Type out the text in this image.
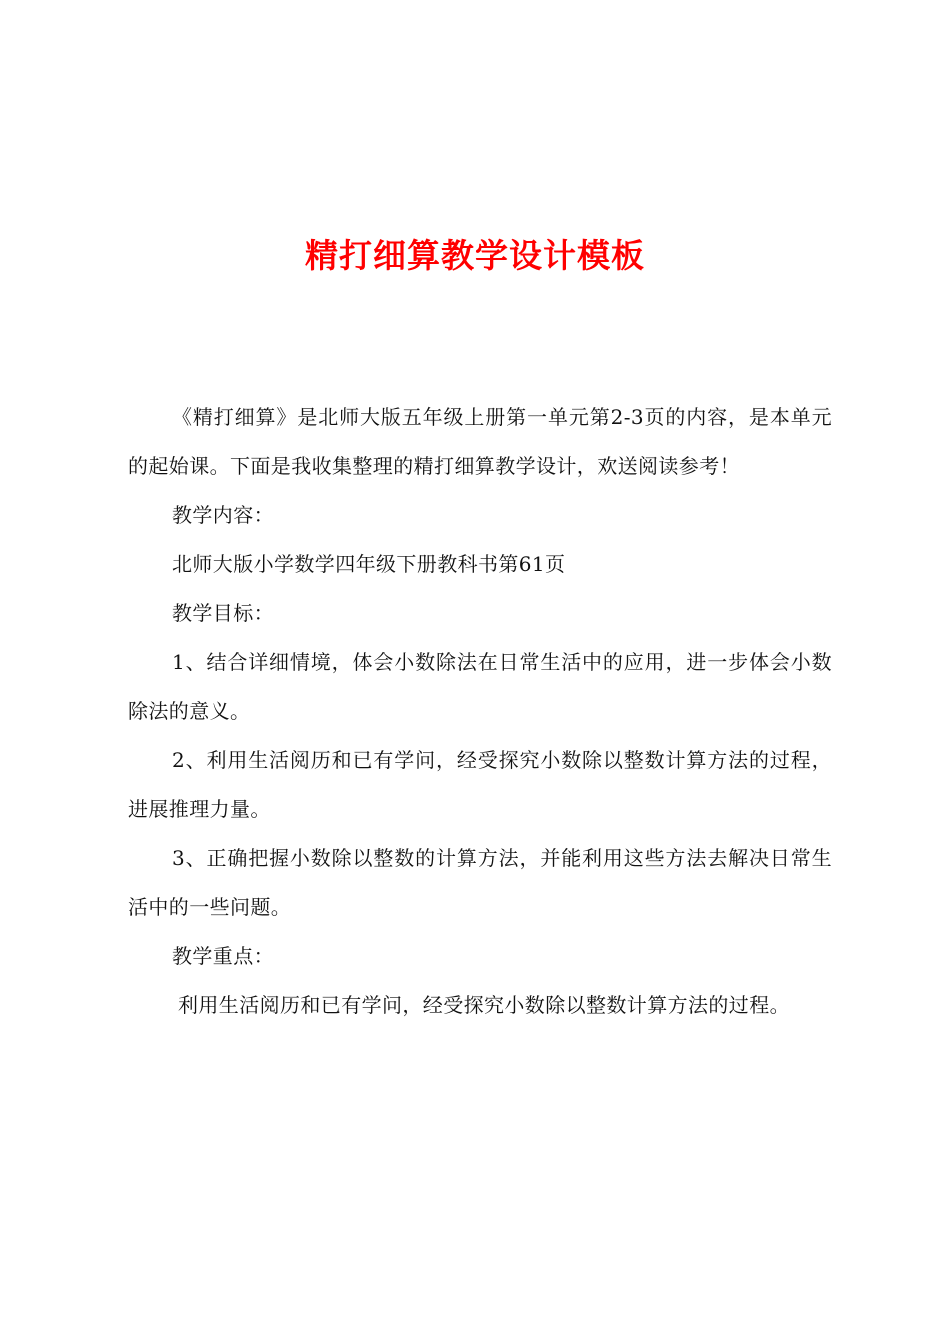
精打细算教学设计模板

《精打细算》是北师大版五年级上册第一单元第2-3页的内容，是本单元的起始课。下面是我收集整理的精打细算教学设计，欢送阅读参考！

教学内容：

北师大版小学数学四年级下册教科书第61页

教学目标：

1、结合详细情境，体会小数除法在日常生活中的应用，进一步体会小数除法的意义。

2、利用生活阅历和已有学问，经受探究小数除以整数计算方法的过程，进展推理力量。

3、正确把握小数除以整数的计算方法，并能利用这些方法去解决日常生活中的一些问题。

教学重点：

利用生活阅历和已有学问，经受探究小数除以整数计算方法的过程。
